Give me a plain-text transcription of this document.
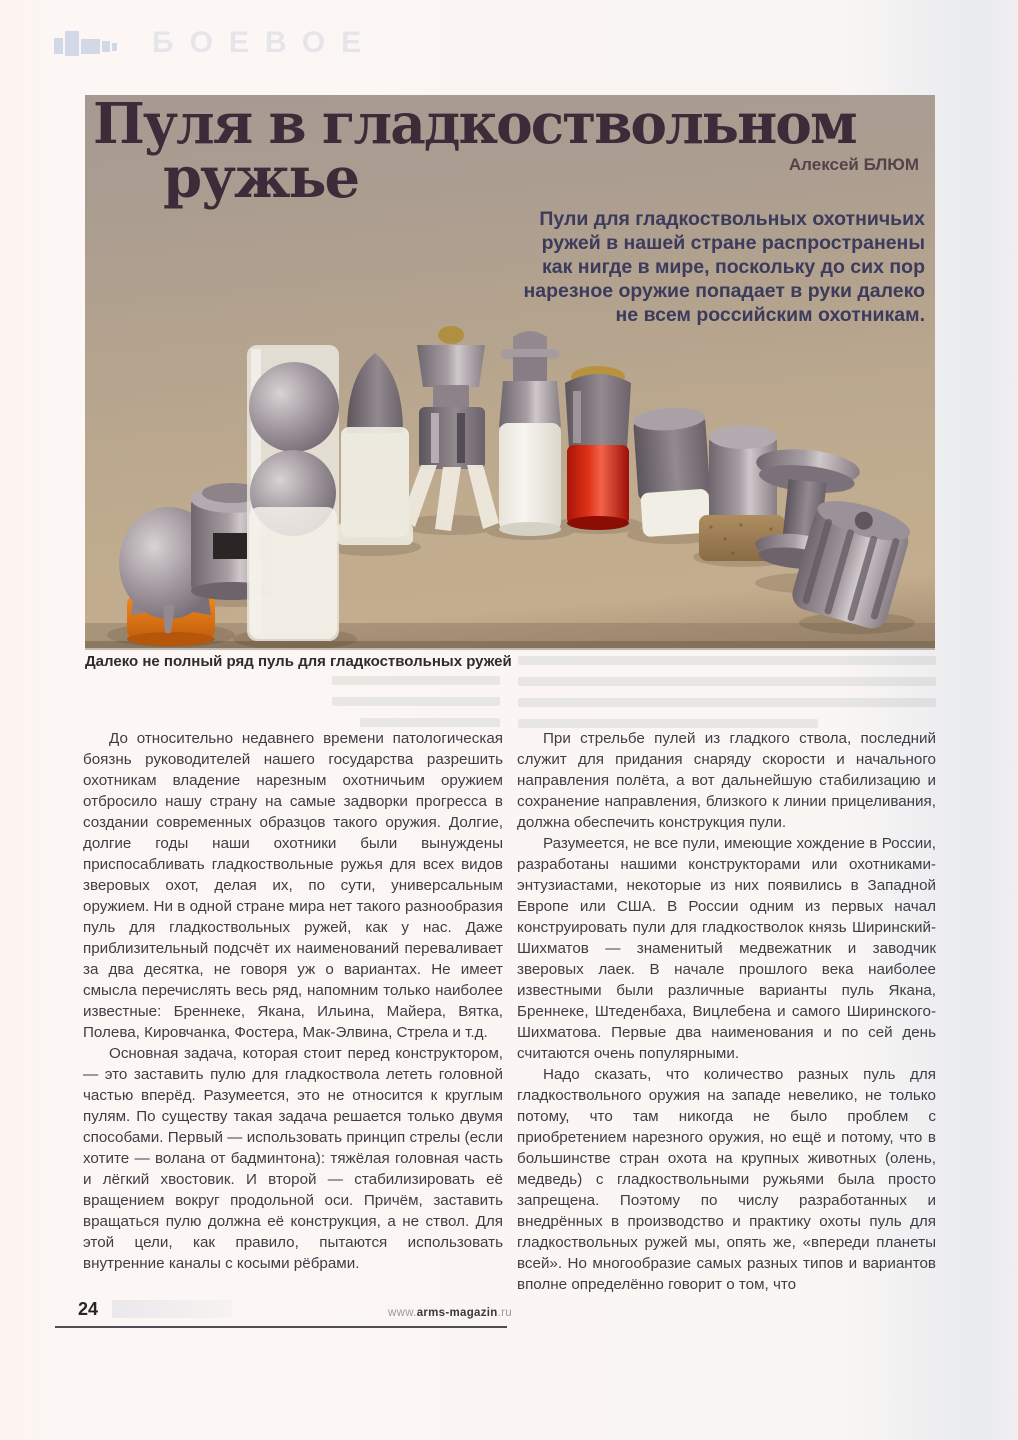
БОЕВОЕ
Пуля в гладкоствольном
ружье	Алексей БЛЮМ
Пули для гладкоствольных охотничьих
ружей в нашей стране распространены
как нигде в мире, поскольку до сих пор
нарезное оружие попадает в руки далеко
не всем российским охотникам.
Далеко не полный ряд пуль для гладкоствольных ружей

До относительно недавнего времени патологическая боязнь руководителей нашего государства разрешить охотникам владение нарезным охотничьим оружием отбросило нашу страну на самые задворки прогресса в создании современных образцов такого оружия. Долгие, долгие годы наши охотники были вынуждены приспосабливать гладкоствольные ружья для всех видов зверовых охот, делая их, по сути, универсальным оружием. Ни в одной стране мира нет такого разнообразия пуль для гладкоствольных ружей, как у нас. Даже приблизительный подсчёт их наименований переваливает за два десятка, не говоря уж о вариантах. Не имеет смысла перечислять весь ряд, напомним только наиболее известные: Бреннеке, Якана, Ильина, Майера, Вятка, Полева, Кировчанка, Фостера, Мак-Элвина, Стрела и т.д.

Основная задача, которая стоит перед конструктором, — это заставить пулю для гладкоствола лететь головной частью вперёд. Разумеется, это не относится к круглым пулям. По существу такая задача решается только двумя способами. Первый — использовать принцип стрелы (если хотите — волана от бадминтона): тяжёлая головная часть и лёгкий хвостовик. И второй — стабилизировать её вращением вокруг продольной оси. Причём, заставить вращаться пулю должна её конструкция, а не ствол. Для этой цели, как правило, пытаются использовать внутренние каналы с косыми рёбрами.

При стрельбе пулей из гладкого ствола, последний служит для придания снаряду скорости и начального направления полёта, а вот дальнейшую стабилизацию и сохранение направления, близкого к линии прицеливания, должна обеспечить конструкция пули.

Разумеется, не все пули, имеющие хождение в России, разработаны нашими конструкторами или охотниками-энтузиастами, некоторые из них появились в Западной Европе или США. В России одним из первых начал конструировать пули для гладкостволок князь Ширинский-Шихматов — знаменитый медвежатник и заводчик зверовых лаек. В начале прошлого века наиболее известными были различные варианты пуль Якана, Бреннеке, Штеденбаха, Вицлебена и самого Ширинского-Шихматова. Первые два наименования и по сей день считаются очень популярными.

Надо сказать, что количество разных пуль для гладкоствольного оружия на западе невелико, не только потому, что там никогда не было проблем с приобретением нарезного оружия, но ещё и потому, что в большинстве стран охота на крупных животных (олень, медведь) с гладкоствольными ружьями была просто запрещена. Поэтому по числу разработанных и внедрённых в производство и практику охоты пуль для гладкоствольных ружей мы, опять же, «впереди планеты всей». Но многообразие самых разных типов и вариантов вполне определённо говорит о том, что

24	www.arms-magazin.ru
